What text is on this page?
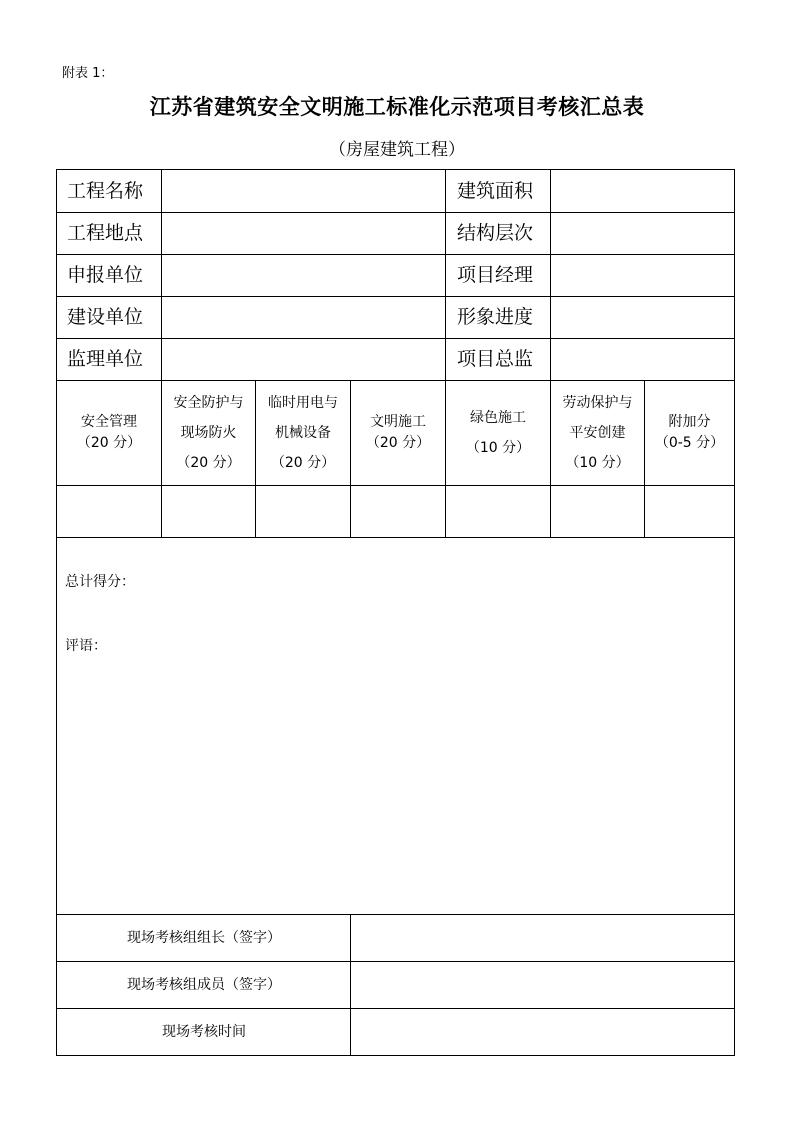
附表 1：
江苏省建筑安全文明施工标准化示范项目考核汇总表
（房屋建筑工程）
工程名称
工程地点
申报单位
建设单位
监理单位
建筑面积
结构层次
项目经理
形象进度
项目总监
安全管理
（20 分）
安全防护与
现场防火
（20 分）
临时用电与
机械设备
（20 分）
文明施工
（20 分）
绿色施工
（10 分）
劳动保护与
平安创建
（10 分）
附加分
（0-5 分）
总计得分：
评语：
现场考核组组长（签字）
现场考核组成员（签字）
现场考核时间
